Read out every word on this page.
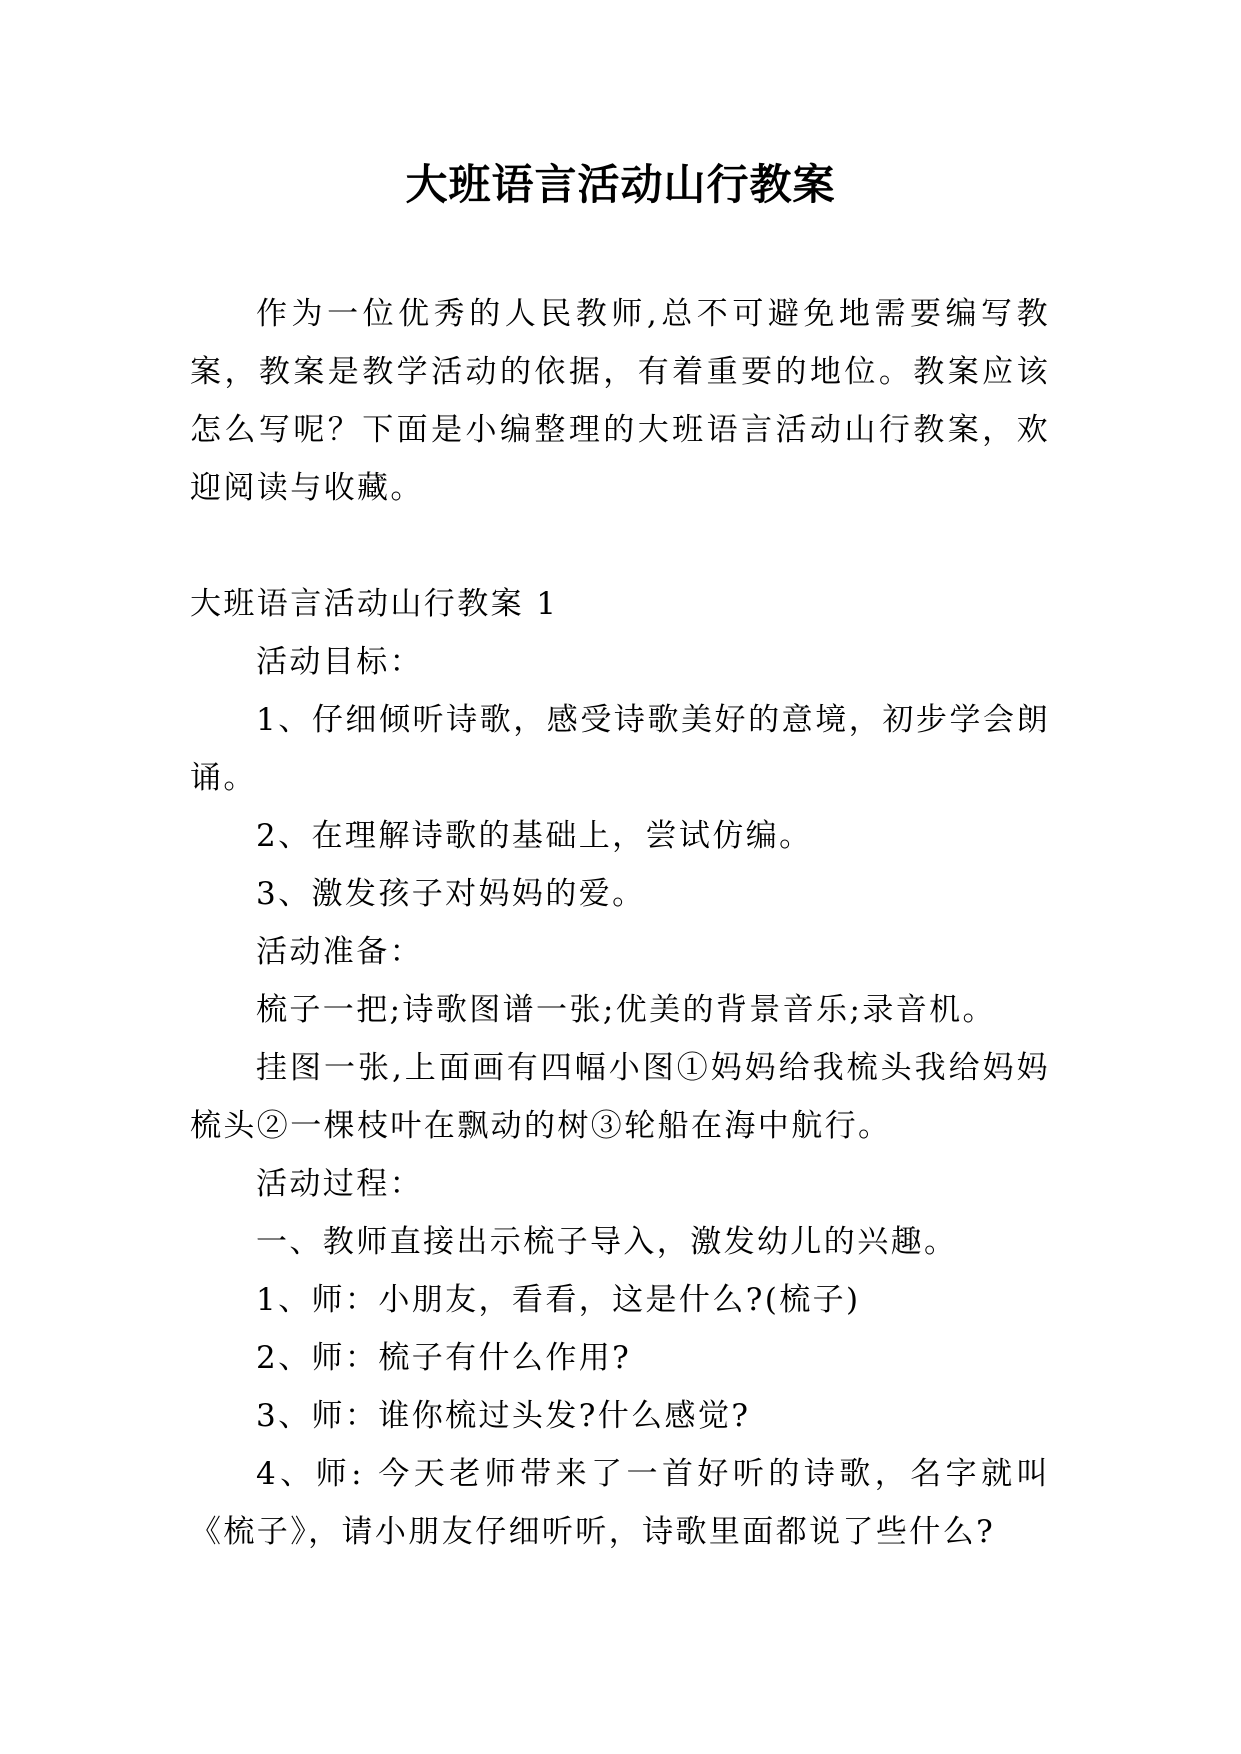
大班语言活动山行教案

作为一位优秀的人民教师,总不可避免地需要编写教案，教案是教学活动的依据，有着重要的地位。教案应该怎么写呢？下面是小编整理的大班语言活动山行教案，欢迎阅读与收藏。

大班语言活动山行教案 1

活动目标：

1、仔细倾听诗歌，感受诗歌美好的意境，初步学会朗诵。

2、在理解诗歌的基础上，尝试仿编。

3、激发孩子对妈妈的爱。

活动准备：

梳子一把;诗歌图谱一张;优美的背景音乐;录音机。

挂图一张,上面画有四幅小图①妈妈给我梳头我给妈妈梳头②一棵枝叶在飘动的树③轮船在海中航行。

活动过程：

一、教师直接出示梳子导入，激发幼儿的兴趣。

1、师：小朋友，看看，这是什么?(梳子)

2、师：梳子有什么作用?

3、师：谁你梳过头发?什么感觉?

4、师: 今天老师带来了一首好听的诗歌，名字就叫《梳子》，请小朋友仔细听听，诗歌里面都说了些什么?
